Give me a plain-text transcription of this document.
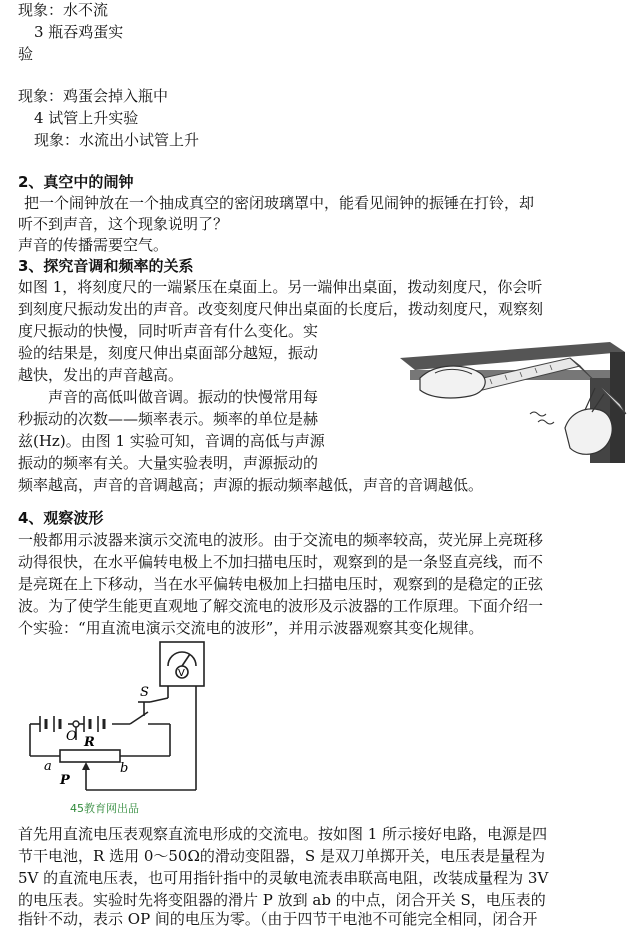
现象：水不流
3 瓶吞鸡蛋实
验
现象：鸡蛋会掉入瓶中
4 试管上升实验
现象：水流出小试管上升
2、真空中的闹钟
把一个闹钟放在一个抽成真空的密闭玻璃罩中，能看见闹钟的振锤在打铃，却
听不到声音，这个现象说明了？
声音的传播需要空气。
3、探究音调和频率的关系
如图 1，将刻度尺的一端紧压在桌面上。另一端伸出桌面，拨动刻度尺，你会听
到刻度尺振动发出的声音。改变刻度尺伸出桌面的长度后，拨动刻度尺，观察刻
度尺振动的快慢，同时听声音有什么变化。实
验的结果是，刻度尺伸出桌面部分越短，振动
越快，发出的声音越高。
　　声音的高低叫做音调。振动的快慢常用每
秒振动的次数——频率表示。频率的单位是赫
兹(Hz)。由图 1 实验可知，音调的高低与声源
振动的频率有关。大量实验表明，声源振动的
频率越高，声音的音调越高；声源的振动频率越低，声音的音调越低。
4、观察波形
一般都用示波器来演示交流电的波形。由于交流电的频率较高，荧光屏上亮斑移
动得很快，在水平偏转电极上不加扫描电压时，观察到的是一条竖直亮线，而不
是亮斑在上下移动，当在水平偏转电极加上扫描电压时，观察到的是稳定的正弦
波。为了使学生能更直观地了解交流电的波形及示波器的工作原理。下面介绍一
个实验：“用直流电演示交流电的波形”，并用示波器观察其变化规律。
S
V
O R
a	b
P
45教育网出品
首先用直流电压表观察直流电形成的交流电。按如图 1 所示接好电路，电源是四
节干电池，R 选用 0～50Ω的滑动变阻器，S 是双刀单掷开关，电压表是量程为
5V 的直流电压表，也可用指针指中的灵敏电流表串联高电阻，改装成量程为 3V
的电压表。实验时先将变阻器的滑片 P 放到 ab 的中点，闭合开关 S，电压表的
指针不动，表示 OP 间的电压为零。（由于四节干电池不可能完全相同，闭合开
